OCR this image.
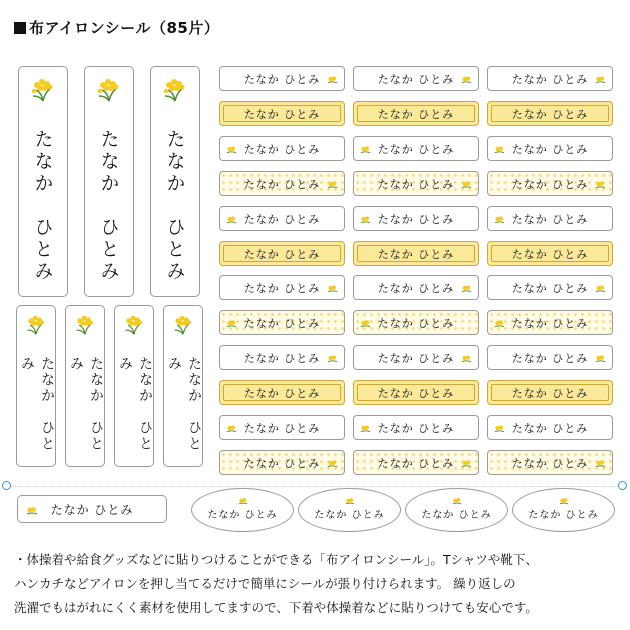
布アイロンシール（85片）
たなか　ひとみ
たなか　ひとみ
たなか　ひとみ
たなか　ひとみ	たなか　ひとみ	たなか　ひとみ	たなか　ひとみ
たなか ひとみ	たなか ひとみ	たなか ひとみ
たなか ひとみ	たなか ひとみ	たなか ひとみ
たなか ひとみ	たなか ひとみ	たなか ひとみ
たなか ひとみ	たなか ひとみ	たなか ひとみ
たなか ひとみ	たなか ひとみ	たなか ひとみ
たなか ひとみ	たなか ひとみ	たなか ひとみ
たなか ひとみ	たなか ひとみ	たなか ひとみ
たなか ひとみ	たなか ひとみ	たなか ひとみ
たなか ひとみ	たなか ひとみ	たなか ひとみ
たなか ひとみ	たなか ひとみ	たなか ひとみ
たなか ひとみ	たなか ひとみ	たなか ひとみ
たなか ひとみ	たなか ひとみ	たなか ひとみ
たなか ひとみ	たなか ひとみ	たなか ひとみ	たなか ひとみ	たなか ひとみ
・体操着や給食グッズなどに貼りつけることができる「布アイロンシール」。Tシャツや靴下、
ハンカチなどアイロンを押し当てるだけで簡単にシールが張り付けられます。 繰り返しの
洗濯でもはがれにくく素材を使用してますので、下着や体操着などに貼りつけても安心です。
